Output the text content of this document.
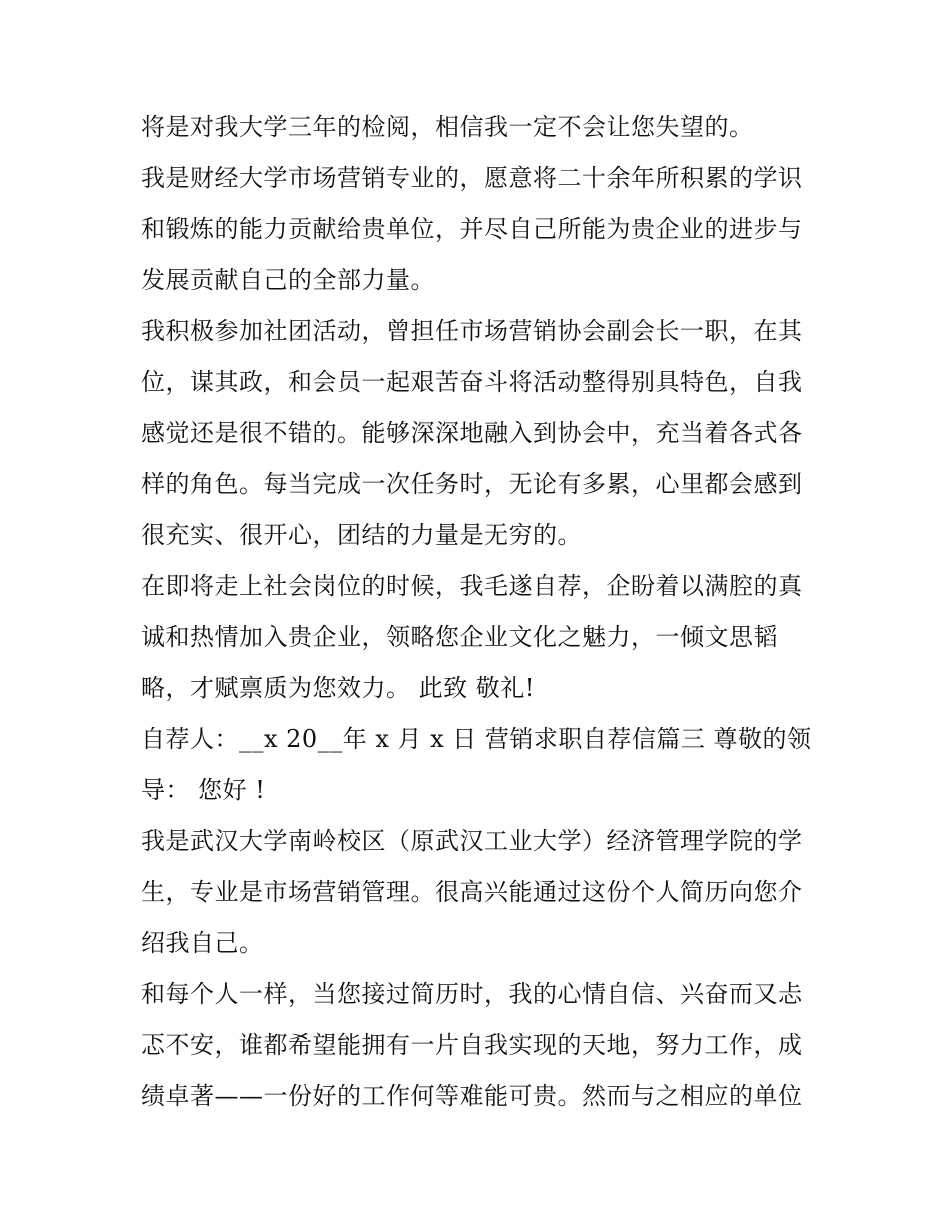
将是对我大学三年的检阅，相信我一定不会让您失望的。
我是财经大学市场营销专业的，愿意将二十余年所积累的学识
和锻炼的能力贡献给贵单位，并尽自己所能为贵企业的进步与
发展贡献自己的全部力量。
我积极参加社团活动，曾担任市场营销协会副会长一职，在其
位，谋其政，和会员一起艰苦奋斗将活动整得别具特色，自我
感觉还是很不错的。能够深深地融入到协会中，充当着各式各
样的角色。每当完成一次任务时，无论有多累，心里都会感到
很充实、很开心，团结的力量是无穷的。
在即将走上社会岗位的时候，我毛遂自荐，企盼着以满腔的真
诚和热情加入贵企业，领略您企业文化之魅力，一倾文思韬
略，才赋禀质为您效力。 此致 敬礼!
自荐人：__x 20__年 x 月 x 日 营销求职自荐信篇三 尊敬的领
导： 您好 !
我是武汉大学南岭校区（原武汉工业大学）经济管理学院的学
生，专业是市场营销管理。很高兴能通过这份个人简历向您介
绍我自己。
和每个人一样，当您接过简历时，我的心情自信、兴奋而又忐
忑不安，谁都希望能拥有一片自我实现的天地，努力工作，成
绩卓著——一份好的工作何等难能可贵。然而与之相应的单位
